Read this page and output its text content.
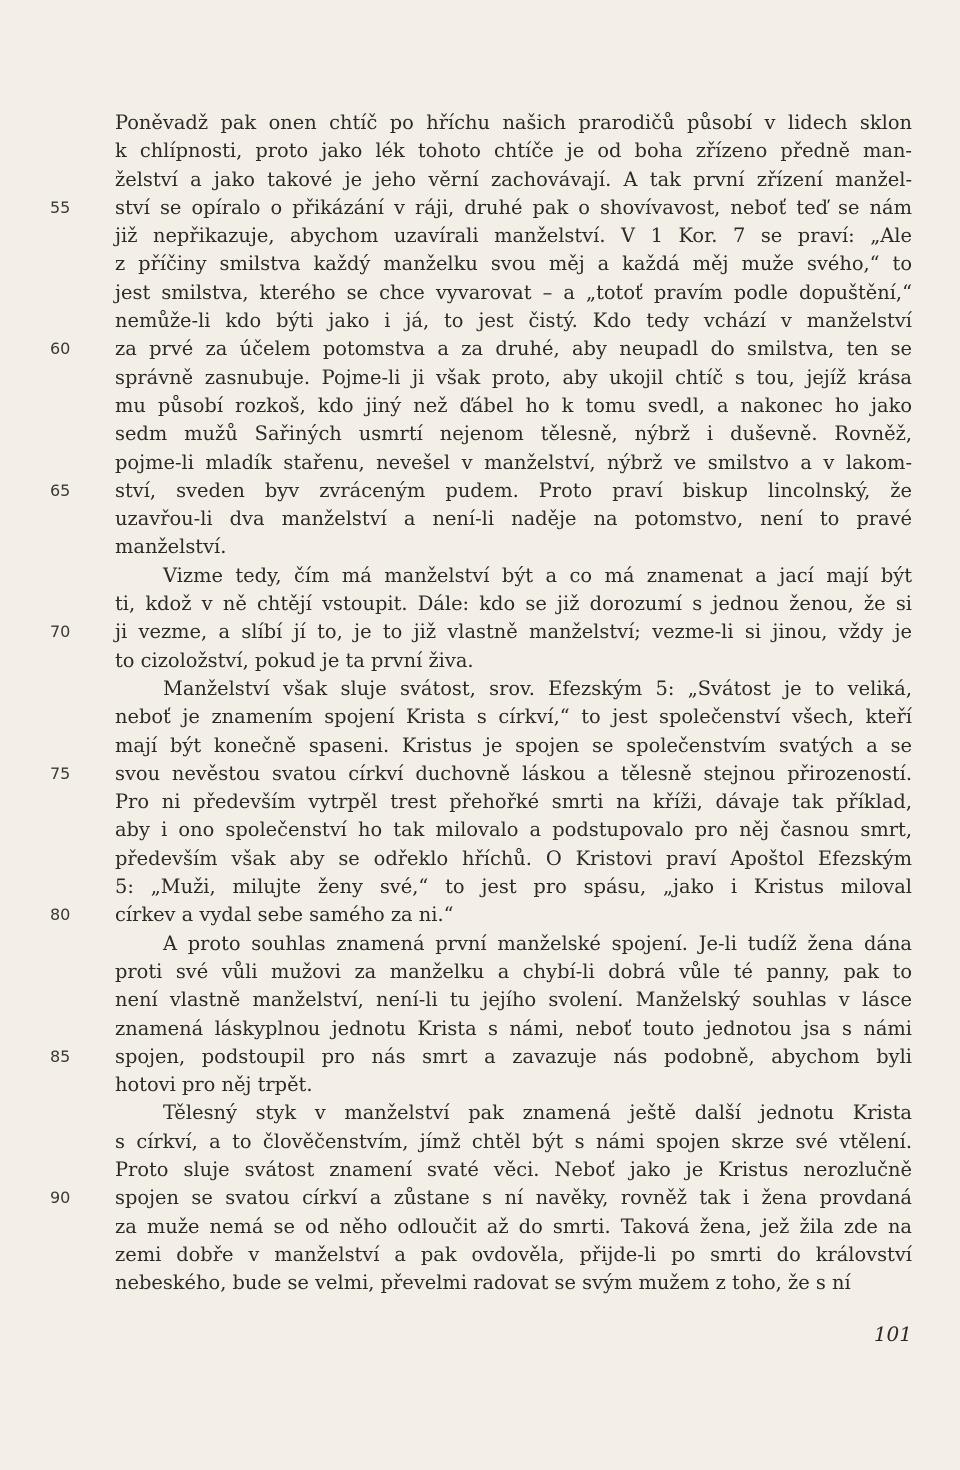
55
60
65
70
75
80
85
90
Poněvadž pak onen chtíč po hříchu našich prarodičů působí v lidech sklon
k chlípnosti, proto jako lék tohoto chtíče je od boha zřízeno předně man-
želství a jako takové je jeho věrní zachovávají. A tak první zřízení manžel-
ství se opíralo o přikázání v ráji, druhé pak o shovívavost, neboť teď se nám
již nepřikazuje, abychom uzavírali manželství. V 1 Kor. 7 se praví: „Ale
z příčiny smilstva každý manželku svou měj a každá měj muže svého,“ to
jest smilstva, kterého se chce vyvarovat – a „totoť pravím podle dopuštění,“
nemůže-li kdo býti jako i já, to jest čistý. Kdo tedy vchází v manželství
za prvé za účelem potomstva a za druhé, aby neupadl do smilstva, ten se
správně zasnubuje. Pojme-li ji však proto, aby ukojil chtíč s tou, jejíž krása
mu působí rozkoš, kdo jiný než ďábel ho k tomu svedl, a nakonec ho jako
sedm mužů Sařiných usmrtí nejenom tělesně, nýbrž i duševně. Rovněž,
pojme-li mladík stařenu, nevešel v manželství, nýbrž ve smilstvo a v lakom-
ství, sveden byv zvráceným pudem. Proto praví biskup lincolnský, že
uzavřou-li dva manželství a není-li naděje na potomstvo, není to pravé
manželství.
Vizme tedy, čím má manželství být a co má znamenat a jací mají být
ti, kdož v ně chtějí vstoupit. Dále: kdo se již dorozumí s jednou ženou, že si
ji vezme, a slíbí jí to, je to již vlastně manželství; vezme-li si jinou, vždy je
to cizoložství, pokud je ta první živa.
Manželství však sluje svátost, srov. Efezským 5: „Svátost je to veliká,
neboť je znamením spojení Krista s církví,“ to jest společenství všech, kteří
mají být konečně spaseni. Kristus je spojen se společenstvím svatých a se
svou nevěstou svatou církví duchovně láskou a tělesně stejnou přirozeností.
Pro ni především vytrpěl trest přehořké smrti na kříži, dávaje tak příklad,
aby i ono společenství ho tak milovalo a podstupovalo pro něj časnou smrt,
především však aby se odřeklo hříchů. O Kristovi praví Apoštol Efezským
5: „Muži, milujte ženy své,“ to jest pro spásu, „jako i Kristus miloval
církev a vydal sebe samého za ni.“
A proto souhlas znamená první manželské spojení. Je-li tudíž žena dána
proti své vůli mužovi za manželku a chybí-li dobrá vůle té panny, pak to
není vlastně manželství, není-li tu jejího svolení. Manželský souhlas v lásce
znamená láskyplnou jednotu Krista s námi, neboť touto jednotou jsa s námi
spojen, podstoupil pro nás smrt a zavazuje nás podobně, abychom byli
hotovi pro něj trpět.
Tělesný styk v manželství pak znamená ještě další jednotu Krista
s církví, a to člověčenstvím, jímž chtěl být s námi spojen skrze své vtělení.
Proto sluje svátost znamení svaté věci. Neboť jako je Kristus nerozlučně
spojen se svatou církví a zůstane s ní navěky, rovněž tak i žena provdaná
za muže nemá se od něho odloučit až do smrti. Taková žena, jež žila zde na
zemi dobře v manželství a pak ovdověla, přijde-li po smrti do království
nebeského, bude se velmi, převelmi radovat se svým mužem z toho, že s ní
101
